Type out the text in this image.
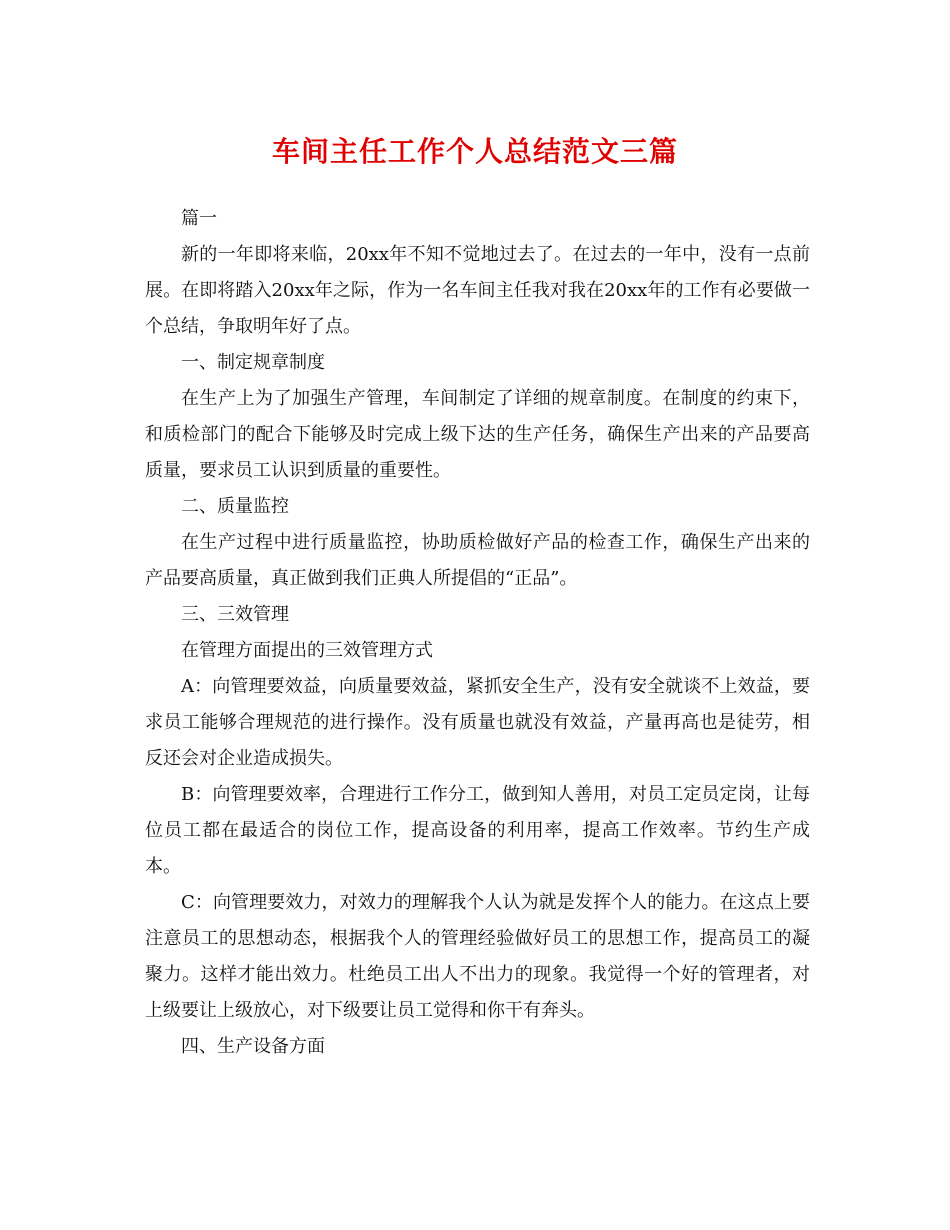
车间主任工作个人总结范文三篇

篇一

新的一年即将来临，20xx年不知不觉地过去了。在过去的一年中，没有一点前展。在即将踏入20xx年之际，作为一名车间主任我对我在20xx年的工作有必要做一个总结，争取明年好了点。

一、制定规章制度

在生产上为了加强生产管理，车间制定了详细的规章制度。在制度的约束下，和质检部门的配合下能够及时完成上级下达的生产任务，确保生产出来的产品要高质量，要求员工认识到质量的重要性。

二、质量监控

在生产过程中进行质量监控，协助质检做好产品的检查工作，确保生产出来的产品要高质量，真正做到我们正典人所提倡的“正品”。

三、三效管理

在管理方面提出的三效管理方式

A：向管理要效益，向质量要效益，紧抓安全生产，没有安全就谈不上效益，要求员工能够合理规范的进行操作。没有质量也就没有效益，产量再高也是徒劳，相反还会对企业造成损失。

B：向管理要效率，合理进行工作分工，做到知人善用，对员工定员定岗，让每位员工都在最适合的岗位工作，提高设备的利用率，提高工作效率。节约生产成本。

C：向管理要效力，对效力的理解我个人认为就是发挥个人的能力。在这点上要注意员工的思想动态，根据我个人的管理经验做好员工的思想工作，提高员工的凝聚力。这样才能出效力。杜绝员工出人不出力的现象。我觉得一个好的管理者，对上级要让上级放心，对下级要让员工觉得和你干有奔头。

四、生产设备方面
